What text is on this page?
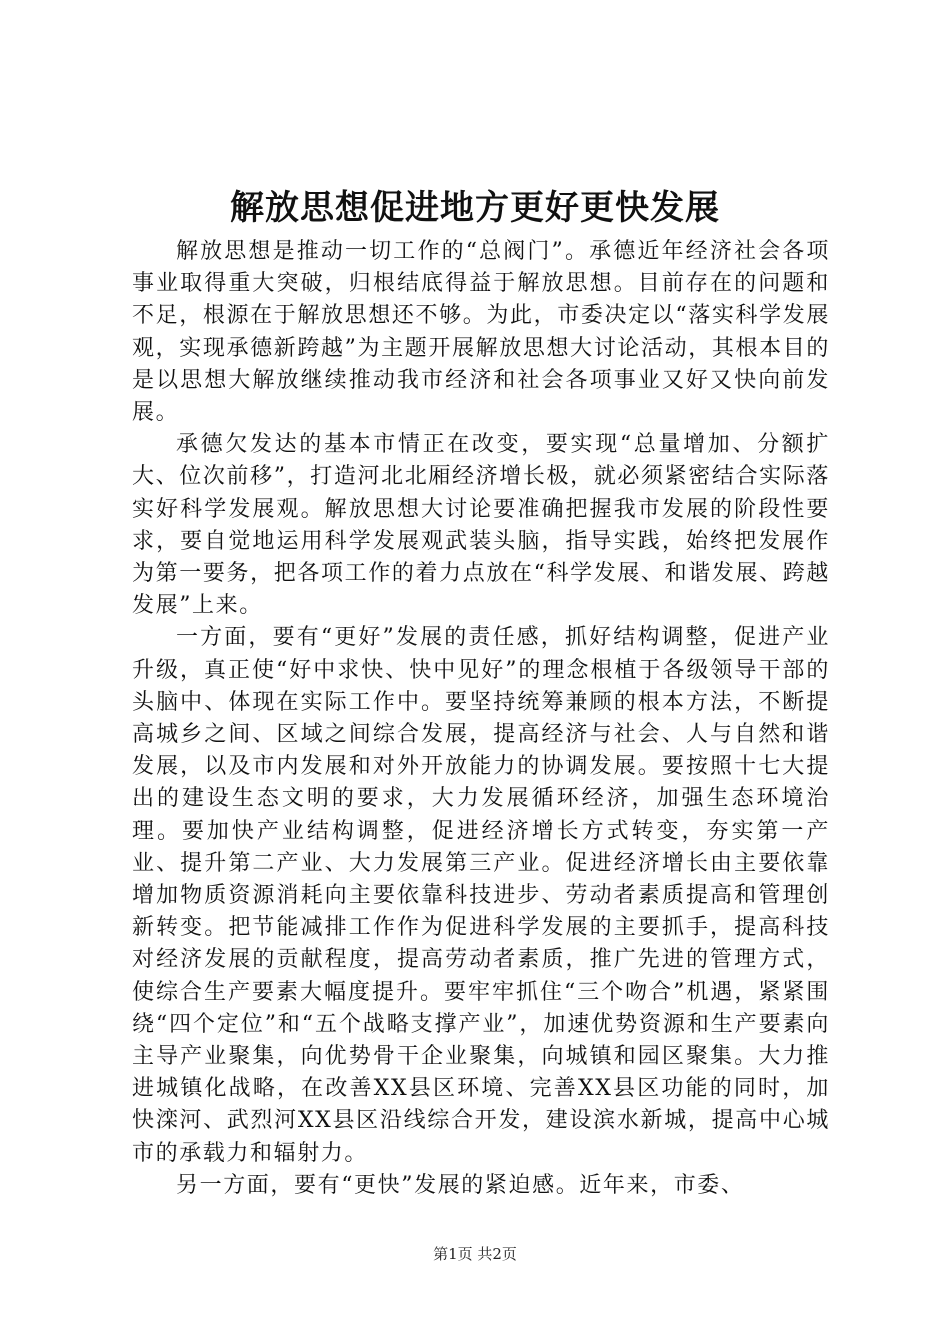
解放思想促进地方更好更快发展

解放思想是推动一切工作的“总阀门”。承德近年经济社会各项事业取得重大突破，归根结底得益于解放思想。目前存在的问题和不足，根源在于解放思想还不够。为此，市委决定以“落实科学发展观，实现承德新跨越”为主题开展解放思想大讨论活动，其根本目的是以思想大解放继续推动我市经济和社会各项事业又好又快向前发展。

承德欠发达的基本市情正在改变，要实现“总量增加、分额扩大、位次前移”，打造河北北厢经济增长极，就必须紧密结合实际落实好科学发展观。解放思想大讨论要准确把握我市发展的阶段性要求，要自觉地运用科学发展观武装头脑，指导实践，始终把发展作为第一要务，把各项工作的着力点放在“科学发展、和谐发展、跨越发展”上来。

一方面，要有“更好”发展的责任感，抓好结构调整，促进产业升级，真正使“好中求快、快中见好”的理念根植于各级领导干部的头脑中、体现在实际工作中。要坚持统筹兼顾的根本方法，不断提高城乡之间、区域之间综合发展，提高经济与社会、人与自然和谐发展，以及市内发展和对外开放能力的协调发展。要按照十七大提出的建设生态文明的要求，大力发展循环经济，加强生态环境治理。要加快产业结构调整，促进经济增长方式转变，夯实第一产业、提升第二产业、大力发展第三产业。促进经济增长由主要依靠增加物质资源消耗向主要依靠科技进步、劳动者素质提高和管理创新转变。把节能减排工作作为促进科学发展的主要抓手，提高科技对经济发展的贡献程度，提高劳动者素质，推广先进的管理方式，使综合生产要素大幅度提升。要牢牢抓住“三个吻合”机遇，紧紧围绕“四个定位”和“五个战略支撑产业”，加速优势资源和生产要素向主导产业聚集，向优势骨干企业聚集，向城镇和园区聚集。大力推进城镇化战略，在改善XX县区环境、完善XX县区功能的同时，加快滦河、武烈河XX县区沿线综合开发，建设滨水新城，提高中心城市的承载力和辐射力。

另一方面，要有“更快”发展的紧迫感。近年来，市委、

第1页 共2页
